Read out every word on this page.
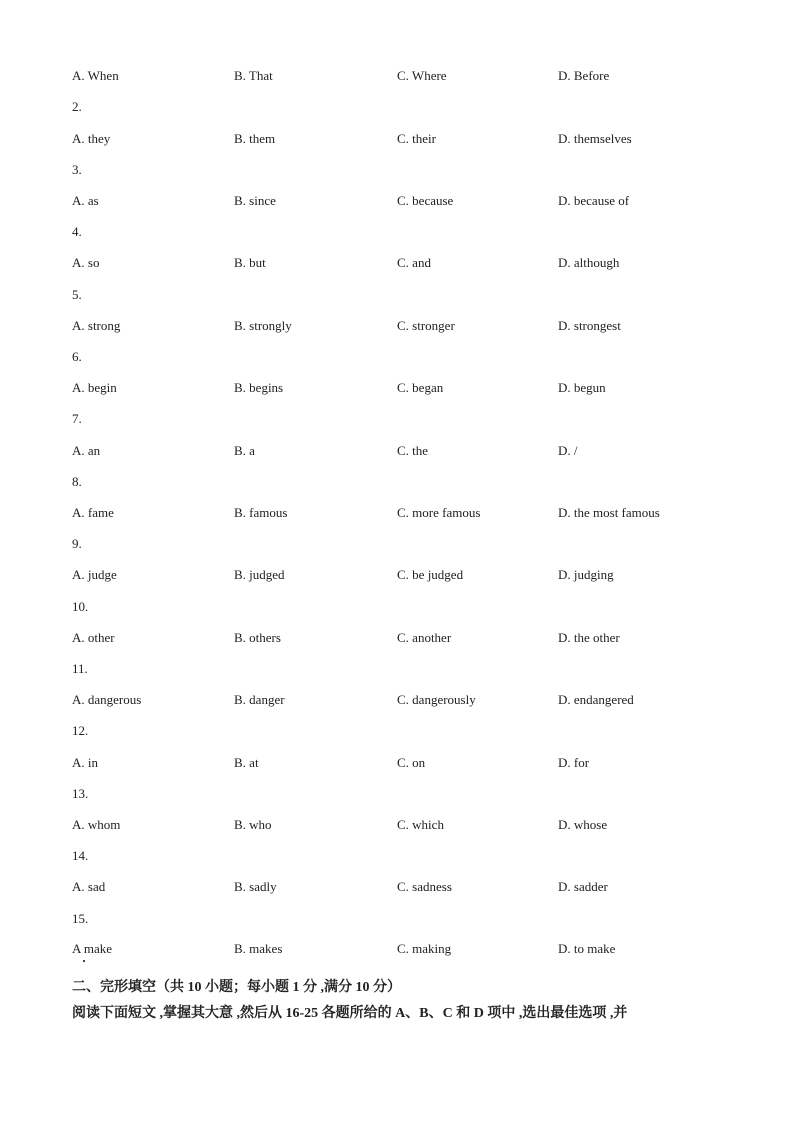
A. When	B. That	C. Where	D. Before
2.
A. they	B. them	C. their	D. themselves
3.
A. as	B. since	C. because	D. because of
4.
A. so	B. but	C. and	D. although
5.
A. strong	B. strongly	C. stronger	D. strongest
6.
A. begin	B. begins	C. began	D. begun
7.
A. an	B. a	C. the	D. /
8.
A. fame	B. famous	C. more famous	D. the most famous
9.
A. judge	B. judged	C. be judged	D. judging
10.
A. other	B. others	C. another	D. the other
11.
A. dangerous	B. danger	C. dangerously	D. endangered
12.
A. in	B. at	C. on	D. for
13.
A. whom	B. who	C. which	D. whose
14.
A. sad	B. sadly	C. sadness	D. sadder
15.
A make	B. makes	C. making	D. to make
二、完形填空（共 10 小题；每小题 1 分 ,满分 10 分）
阅读下面短文 ,掌握其大意 ,然后从 16-25 各题所给的 A、B、C 和 D 项中 ,选出最佳选项 ,并
